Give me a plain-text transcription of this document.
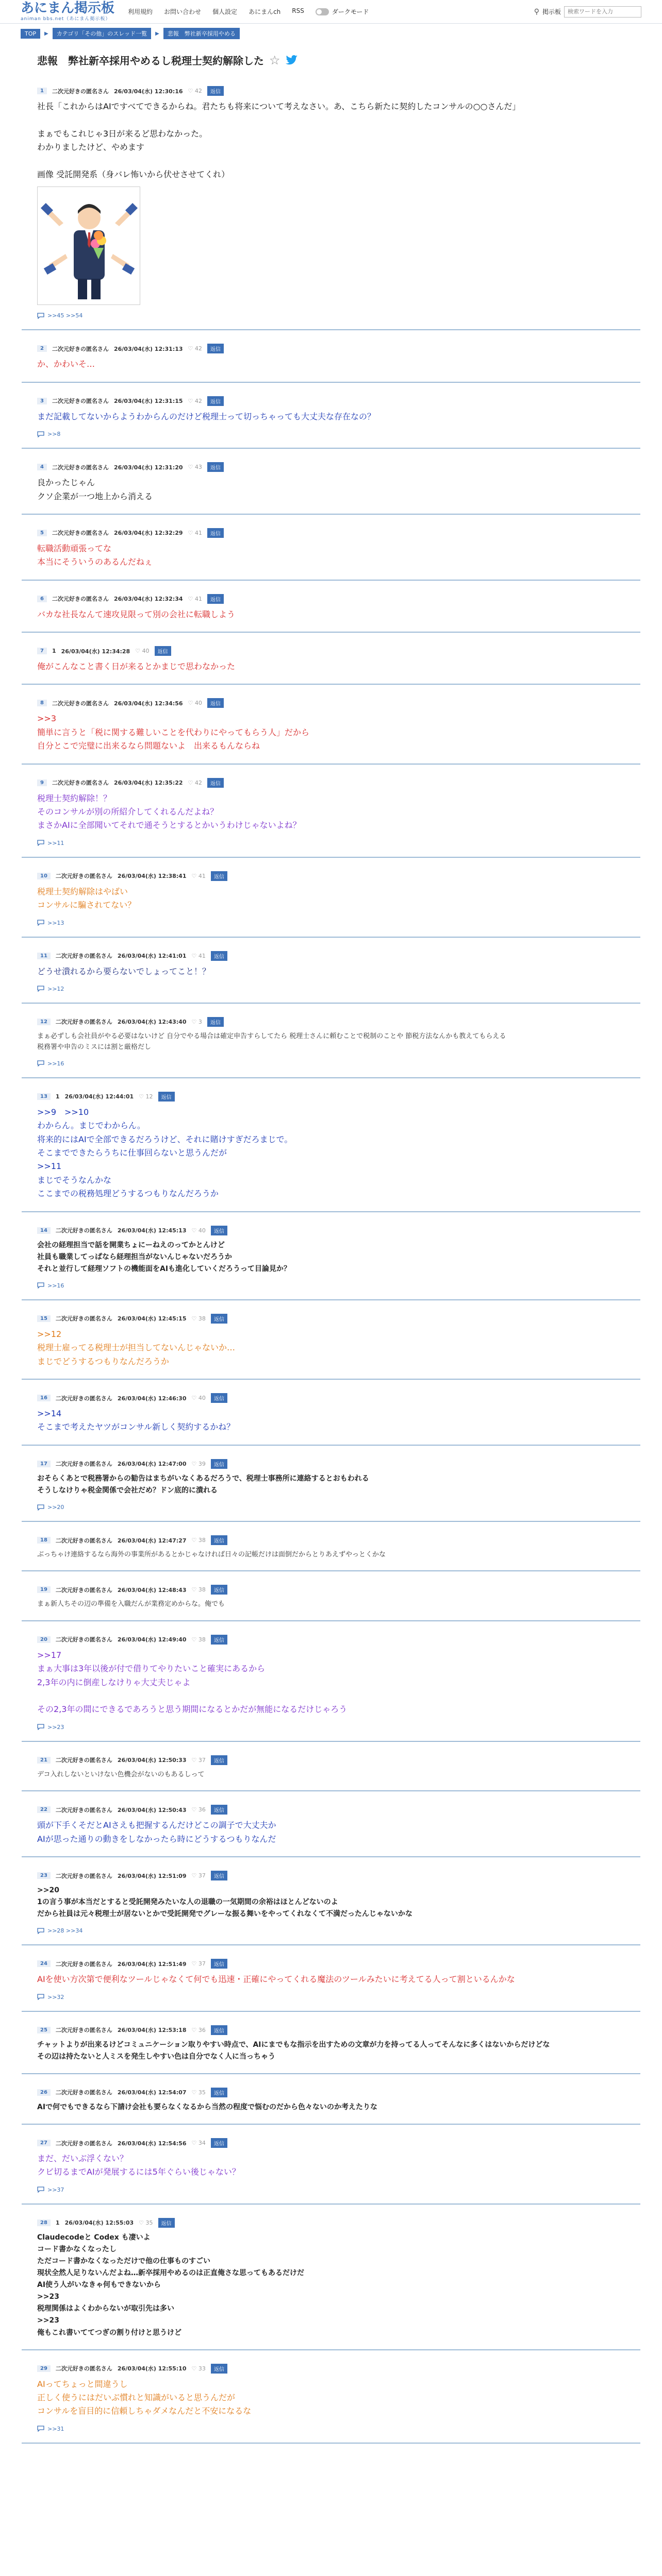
あにまん掲示板
animan bbs.net（あにまん掲示板）
利用規約 お問い合わせ 個人設定 あにまんch RSS	ダークモード	⚲ 掲示板
検索ワードを入力
TOP	▶	カテゴリ「その他」のスレッド一覧	▶	悲報　弊社新卒採用やめる
悲報　弊社新卒採用やめるし税理士契約解除した ☆
1	二次元好きの匿名さん 26/03/04(水) 12:30:16 ♡ 42	返信
社長「これからはAIですべてできるからね。君たちも将来について考えなさい。あ、こちら新たに契約したコンサルの○○さんだ」

まぁでもこれじゃ3日が来るど思わなかった。
わかりましたけど、やめます

画像 受託開発系（身バレ怖いから伏せさせてくれ）
>>45 >>54
2	二次元好きの匿名さん 26/03/04(水) 12:31:13 ♡ 42	返信
か、かわいそ…
3	二次元好きの匿名さん 26/03/04(水) 12:31:15 ♡ 42	返信
まだ記載してないからようわからんのだけど税理士って切っちゃっても大丈夫な存在なの？
>>8
4	二次元好きの匿名さん 26/03/04(水) 12:31:20 ♡ 43	返信
良かったじゃん
クソ企業が一つ地上から消える
5	二次元好きの匿名さん 26/03/04(水) 12:32:29 ♡ 41	返信
転職活動頑張ってな
本当にそういうのあるんだねぇ
6	二次元好きの匿名さん 26/03/04(水) 12:32:34 ♡ 41	返信
バカな社長なんて速攻見限って別の会社に転職しよう
7	1 26/03/04(水) 12:34:28 ♡ 40	返信
俺がこんなこと書く日が来るとかまじで思わなかった
8	二次元好きの匿名さん 26/03/04(水) 12:34:56 ♡ 40	返信
>>3
簡単に言うと「税に関する難しいことを代わりにやってもらう人」だから
自分とこで完璧に出来るなら問題ないよ　出来るもんならね
9	二次元好きの匿名さん 26/03/04(水) 12:35:22 ♡ 42	返信
税理士契約解除！？
そのコンサルが別の所紹介してくれるんだよね？
まさかAIに全部聞いてそれで通そうとするとかいうわけじゃないよね？
>>11
10	二次元好きの匿名さん 26/03/04(水) 12:38:41 ♡ 41	返信
税理士契約解除はやばい
コンサルに騙されてない？
>>13
11	二次元好きの匿名さん 26/03/04(水) 12:41:01 ♡ 41	返信
どうせ潰れるから要らないでしょってこと！？
>>12
12	二次元好きの匿名さん 26/03/04(水) 12:43:40 ♡ 3	返信
まぁ必ずしも会社員がやる必要はないけど 自分でやる場合は確定申告すらしてたら 税理士さんに頼むことで税制のことや 節税方法なんかも教えてもらえる
税務署や申告のミスには割と厳格だし
>>16
13	1 26/03/04(水) 12:44:01 ♡ 12	返信
>>9　>>10
わからん。まじでわからん。
将来的にはAIで全部できるだろうけど、それに賭けすぎだろまじで。
そこまでできたらうちに仕事回らないと思うんだが
>>11
まじでそうなんかな
ここまでの税務処理どうするつもりなんだろうか
14	二次元好きの匿名さん 26/03/04(水) 12:45:13 ♡ 40	返信
会社の経理担当で話を開業ちょにーねえのってかとんけど
社員も職業してっぱなら経理担当がないんじゃないだろうか
それと並行して経理ソフトの機能面をAIも進化していくだろうって目論見か？
>>16
15	二次元好きの匿名さん 26/03/04(水) 12:45:15 ♡ 38	返信
>>12
税理士雇ってる税理士が担当してないんじゃないか…
まじでどうするつもりなんだろうか
16	二次元好きの匿名さん 26/03/04(水) 12:46:30 ♡ 40	返信
>>14
そこまで考えたヤツがコンサル新しく契約するかね？
17	二次元好きの匿名さん 26/03/04(水) 12:47:00 ♡ 39	返信
おそらくあとで税務署からの勧告はまちがいなくあるだろうで、税理士事務所に連絡するとおもわれる
そうしなけりゃ税金関係で会社だめ？ドン底的に潰れる
>>20
18	二次元好きの匿名さん 26/03/04(水) 12:47:27 ♡ 38	返信
ぶっちゃけ連絡するなら海外の事業所があるとかじゃなければ日々の記帳だけは面倒だからとりあえずやっとくかな
19	二次元好きの匿名さん 26/03/04(水) 12:48:43 ♡ 38	返信
まぁ新人ちその辺の準備を入職だんが業務定めからな。俺でも
20	二次元好きの匿名さん 26/03/04(水) 12:49:40 ♡ 38	返信
>>17
まぁ大事は3年以後が付で借りてやりたいこと確実にあるから
2,3年の内に倒産しなけりゃ大丈夫じゃよ

その2,3年の間にできるであろうと思う期間になるとかだが無能になるだけじゃろう
>>23
21	二次元好きの匿名さん 26/03/04(水) 12:50:33 ♡ 37	返信
デコ入れしないといけない色機会がないのもあるしって
22	二次元好きの匿名さん 26/03/04(水) 12:50:43 ♡ 36	返信
頭が下手くそだとAIさえも把握するんだけどこの調子で大丈夫か
AIが思った通りの動きをしなかったら時にどうするつもりなんだ
23	二次元好きの匿名さん 26/03/04(水) 12:51:09 ♡ 37	返信
>>20
1の言う事が本当だとすると受託開発みたいな人の退職の一気期間の余裕はほとんどないのよ
だから社員は元々税理士が居ないとかで受託開発でグレーな振る舞いをやってくれなくて不満だったんじゃないかな
>>28 >>34
24	二次元好きの匿名さん 26/03/04(水) 12:51:49 ♡ 37	返信
AIを使い方次第で便利なツールじゃなくて何でも迅速・正確にやってくれる魔法のツールみたいに考えてる人って割といるんかな
>>32
25	二次元好きの匿名さん 26/03/04(水) 12:53:18 ♡ 36	返信
チャットよりが出来るけどコミュニケーション取りやすい時点で、AIにまでもな指示を出すための文章が力を持ってる人ってそんなに多くはないからだけどな
その辺は持たないと人ミスを発生しやすい色は自分でなく人に当っちゃう
26	二次元好きの匿名さん 26/03/04(水) 12:54:07 ♡ 35	返信
AIで何でもできるなら下請け会社も要らなくなるから当然の程度で悩むのだから色々ないのか考えたりな
27	二次元好きの匿名さん 26/03/04(水) 12:54:56 ♡ 34	返信
まだ、だいぶ浮くない？
クビ切るまでAIが発展するには5年ぐらい後じゃない？
>>37
28	1 26/03/04(水) 12:55:03 ♡ 35	返信
Claudecodeと Codex も凄いよ
コード書かなくなったし
ただコード書かなくなっただけで他の仕事ものすごい
現状全然人足りないんだよね…新卒採用やめるのは正直俺さな思ってもあるだけだ
AI使う人がいなきゃ何もできないから
>>23
税理関係はよくわからないが取引先は多い
>>23
俺もこれ書いててつぎの割り付けと思うけど
29	二次元好きの匿名さん 26/03/04(水) 12:55:10 ♡ 33	返信
AIってちょっと間違うし
正しく使うにはだいぶ慣れと知識がいると思うんだが
コンサルを盲目的に信頼しちゃダメなんだと不安になるな
>>31
